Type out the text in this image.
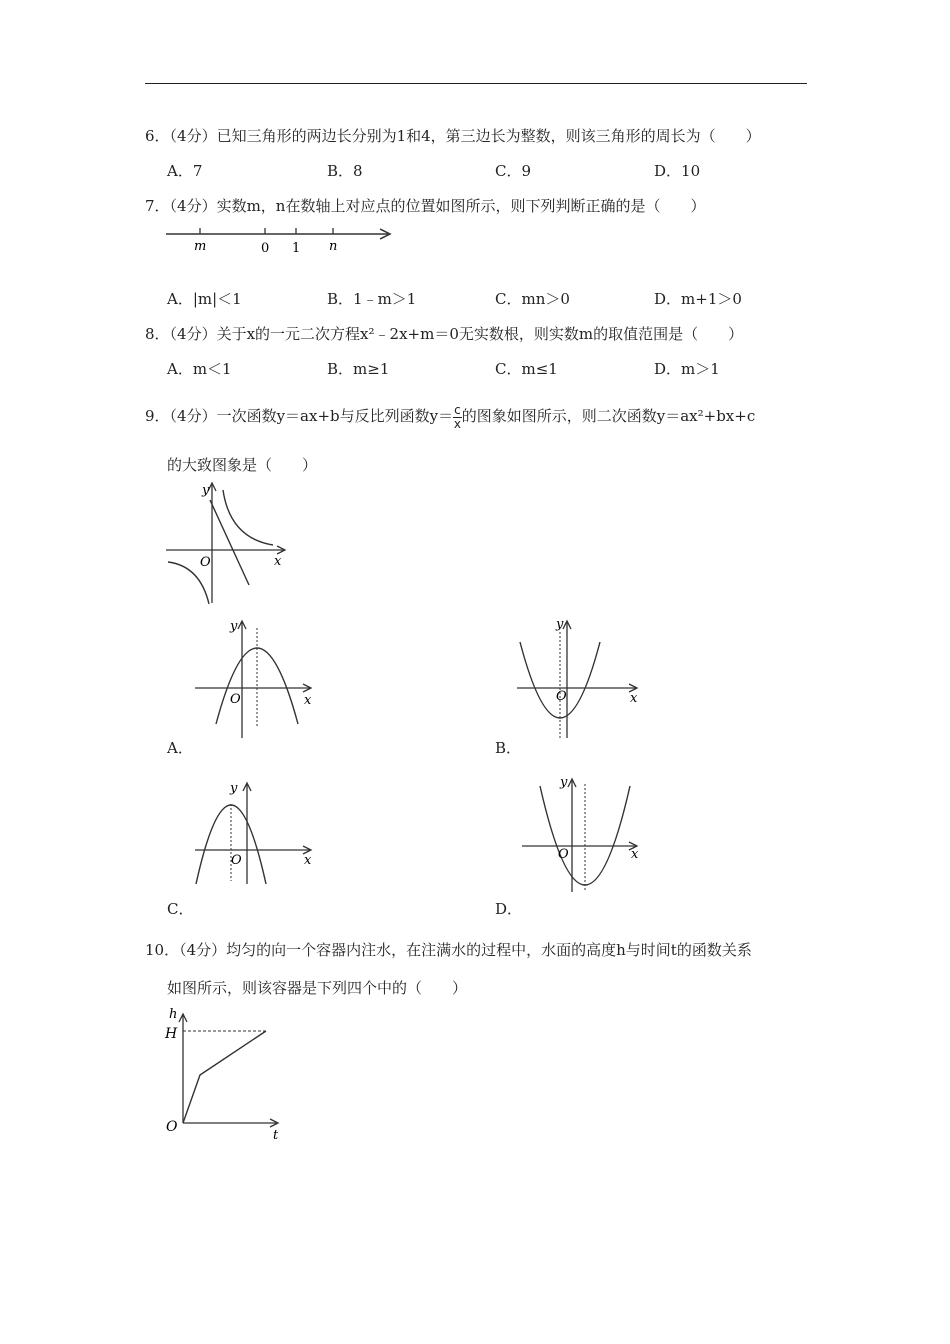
6．（4分）已知三角形的两边长分别为1和4，第三边长为整数，则该三角形的周长为（　　）
A．7	B．8	C．9	D．10
7．（4分）实数m，n在数轴上对应点的位置如图所示，则下列判断正确的是（　　）
m	0 1 n
A．|m|＜1	B．1﹣m＞1	C．mn＞0	D．m+1＞0
8．（4分）关于x的一元二次方程x²﹣2x+m＝0无实数根，则实数m的取值范围是（　　）
A．m＜1	B．m≥1	C．m≤1	D．m＞1
9．（4分）一次函数y＝ax+b与反比列函数$y= \frac{c}{x}$ 的图象如图所示，则二次函数y＝ax²+bx+c
的大致图象是（　　）
y
x
O
y
x
O
A．
y
x
O
B．
y
x
O
C．
y
x
O
D．
10．（4分）均匀的向一个容器内注水，在注满水的过程中，水面的高度h与时间t的函数关系
如图所示，则该容器是下列四个中的（　　）
h
H
t
O
